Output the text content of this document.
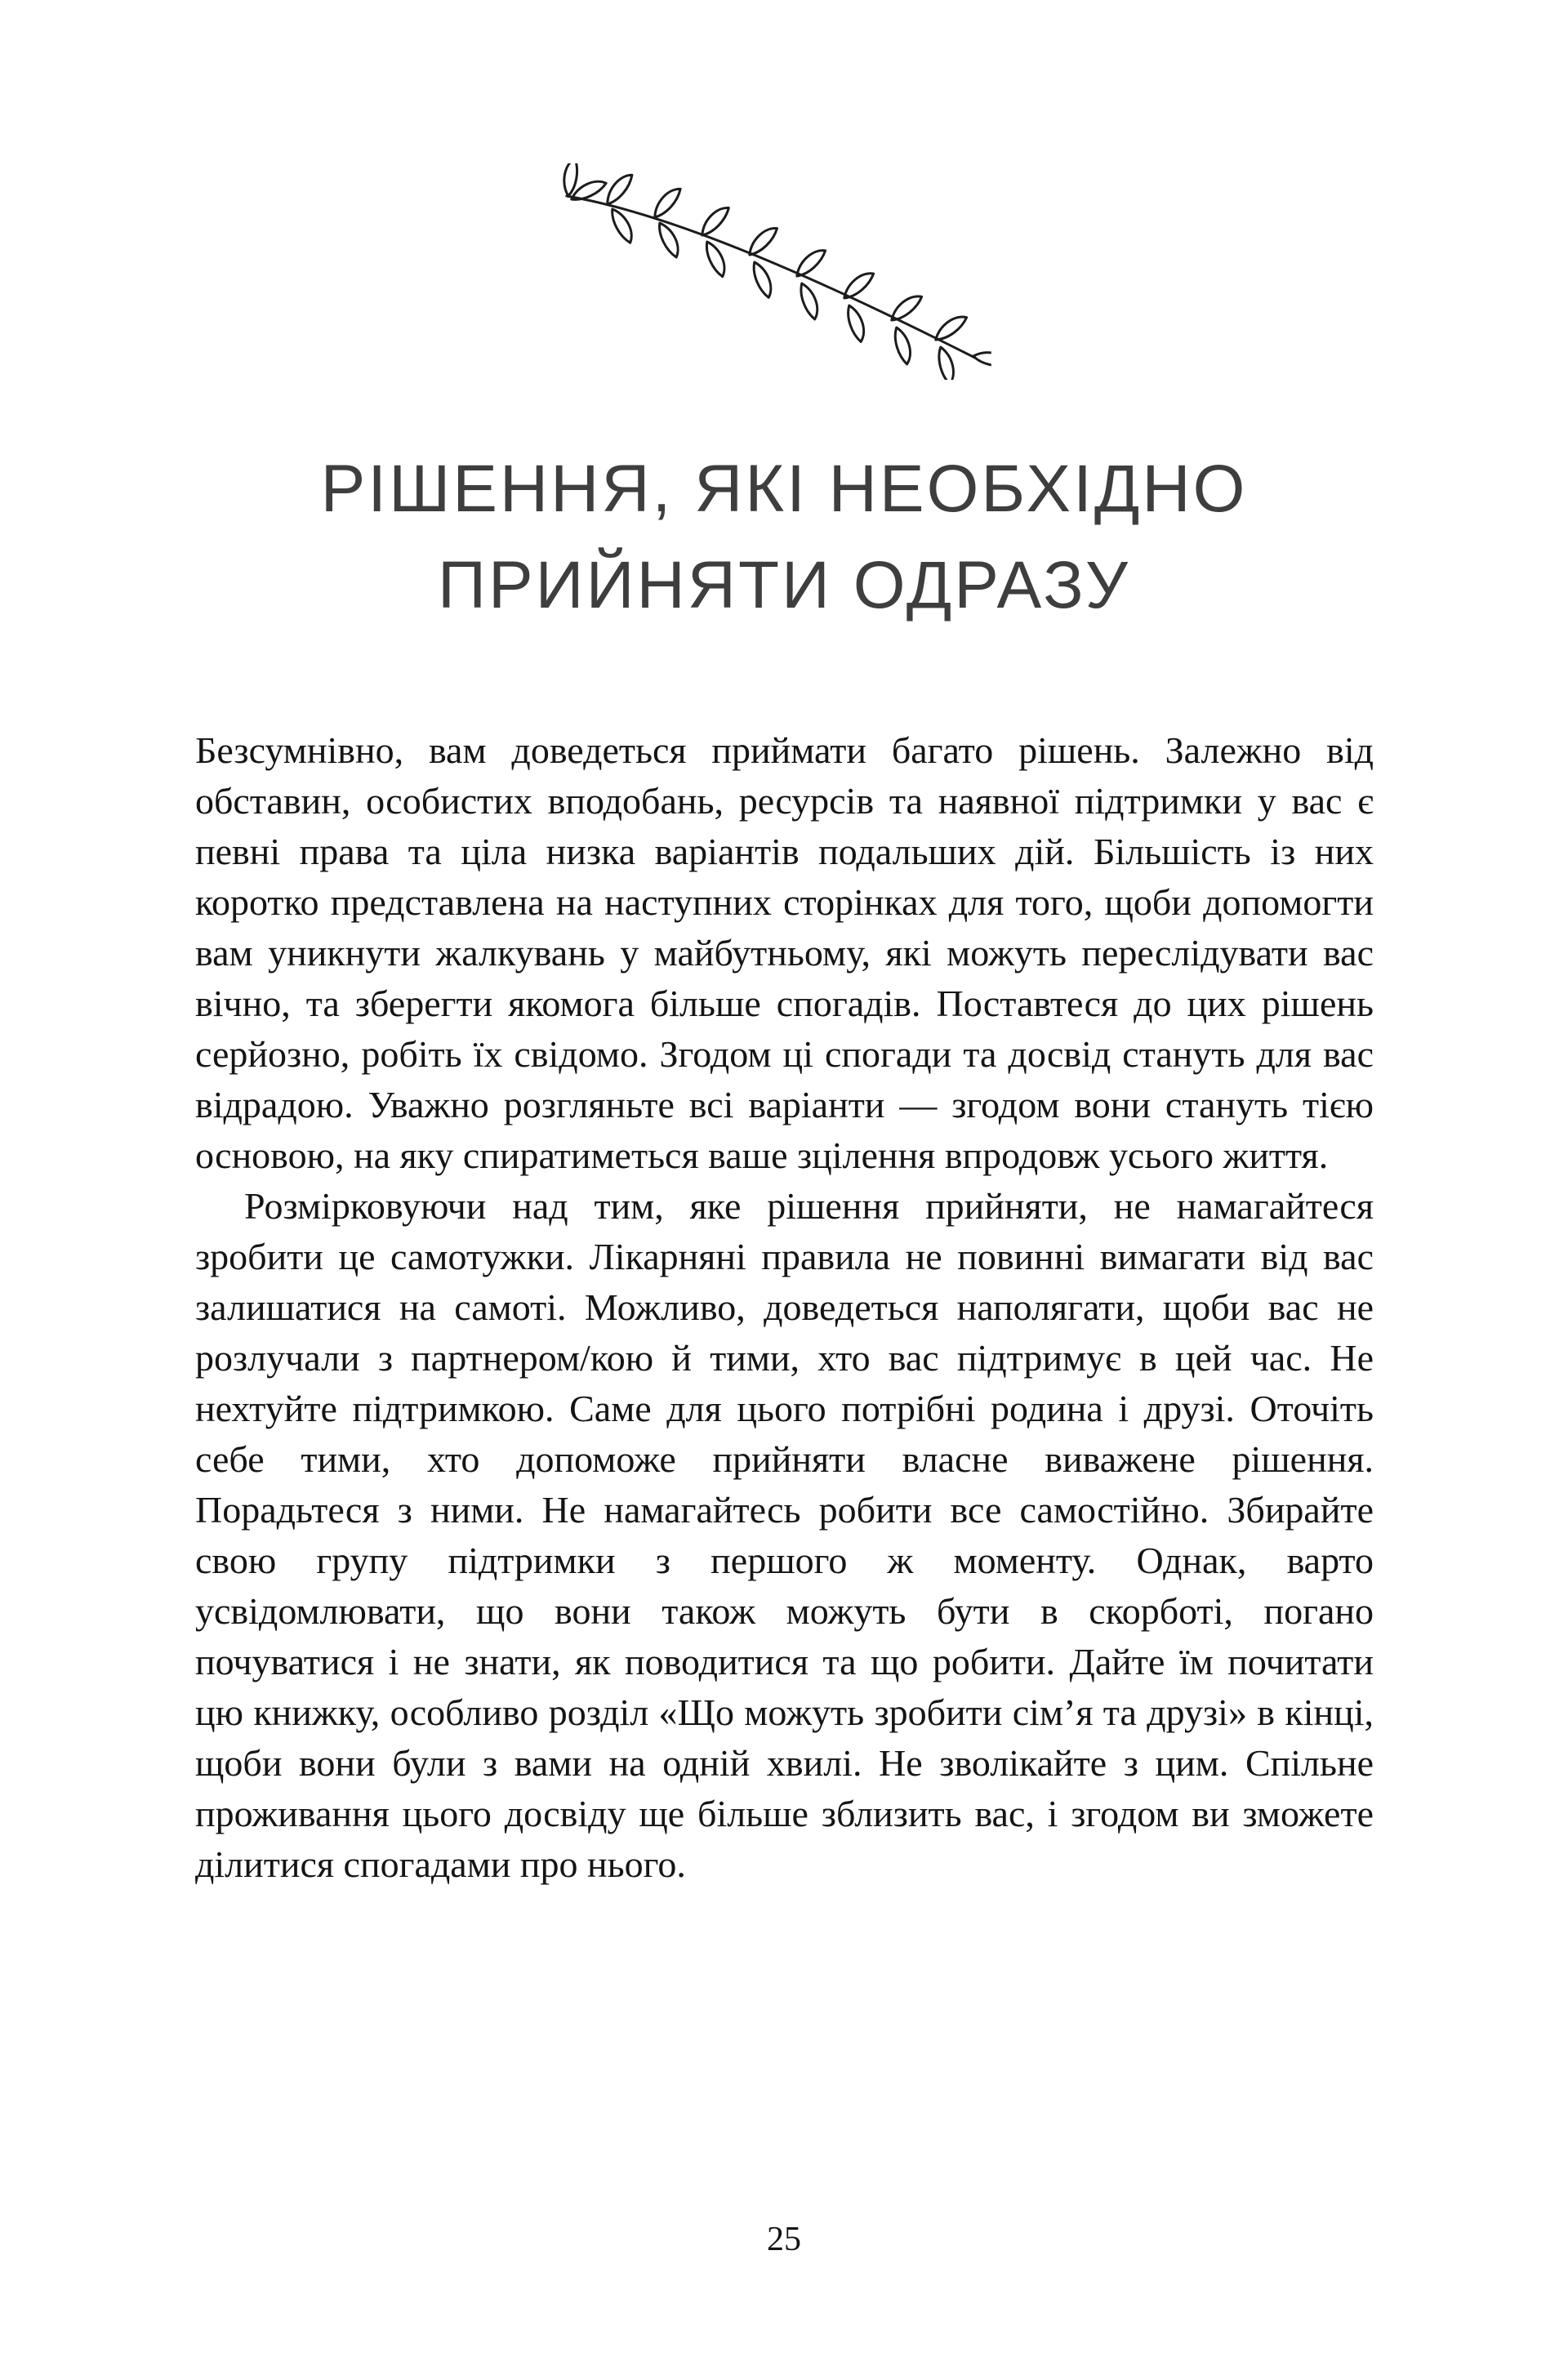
РІШЕННЯ, ЯКІ НЕОБХІДНО
ПРИЙНЯТИ ОДРАЗУ

Безсумнівно, вам доведеться приймати багато рішень. Залежно від обставин, особистих вподобань, ресурсів та наявної підтримки у вас є певні права та ціла низка варіантів подальших дій. Більшість із них коротко представлена на наступних сторінках для того, щоби допомогти вам уникнути жалкувань у майбутньому, які можуть переслідувати вас вічно, та зберегти якомога більше спогадів. Поставтеся до цих рішень серйозно, робіть їх свідомо. Згодом ці спогади та досвід стануть для вас відрадою. Уважно розгляньте всі варіанти — згодом вони стануть тією основою, на яку спиратиметься ваше зцілення впродовж усього життя.

Розмірковуючи над тим, яке рішення прийняти, не намагайтеся зробити це самотужки. Лікарняні правила не повинні вимагати від вас залишатися на самоті. Можливо, доведеться наполягати, щоби вас не розлучали з партнером/кою й тими, хто вас підтримує в цей час. Не нехтуйте підтримкою. Саме для цього потрібні родина і друзі. Оточіть себе тими, хто допоможе прийняти власне виважене рішення. Порадьтеся з ними. Не намагайтесь робити все самостійно. Збирайте свою групу підтримки з першого ж моменту. Однак, варто усвідомлювати, що вони також можуть бути в скорботі, погано почуватися і не знати, як поводитися та що робити. Дайте їм почитати цю книжку, особливо розділ «Що можуть зробити сім’я та друзі» в кінці, щоби вони були з вами на одній хвилі. Не зволікайте з цим. Спільне проживання цього досвіду ще більше зблизить вас, і згодом ви зможете ділитися спогадами про нього.

25
